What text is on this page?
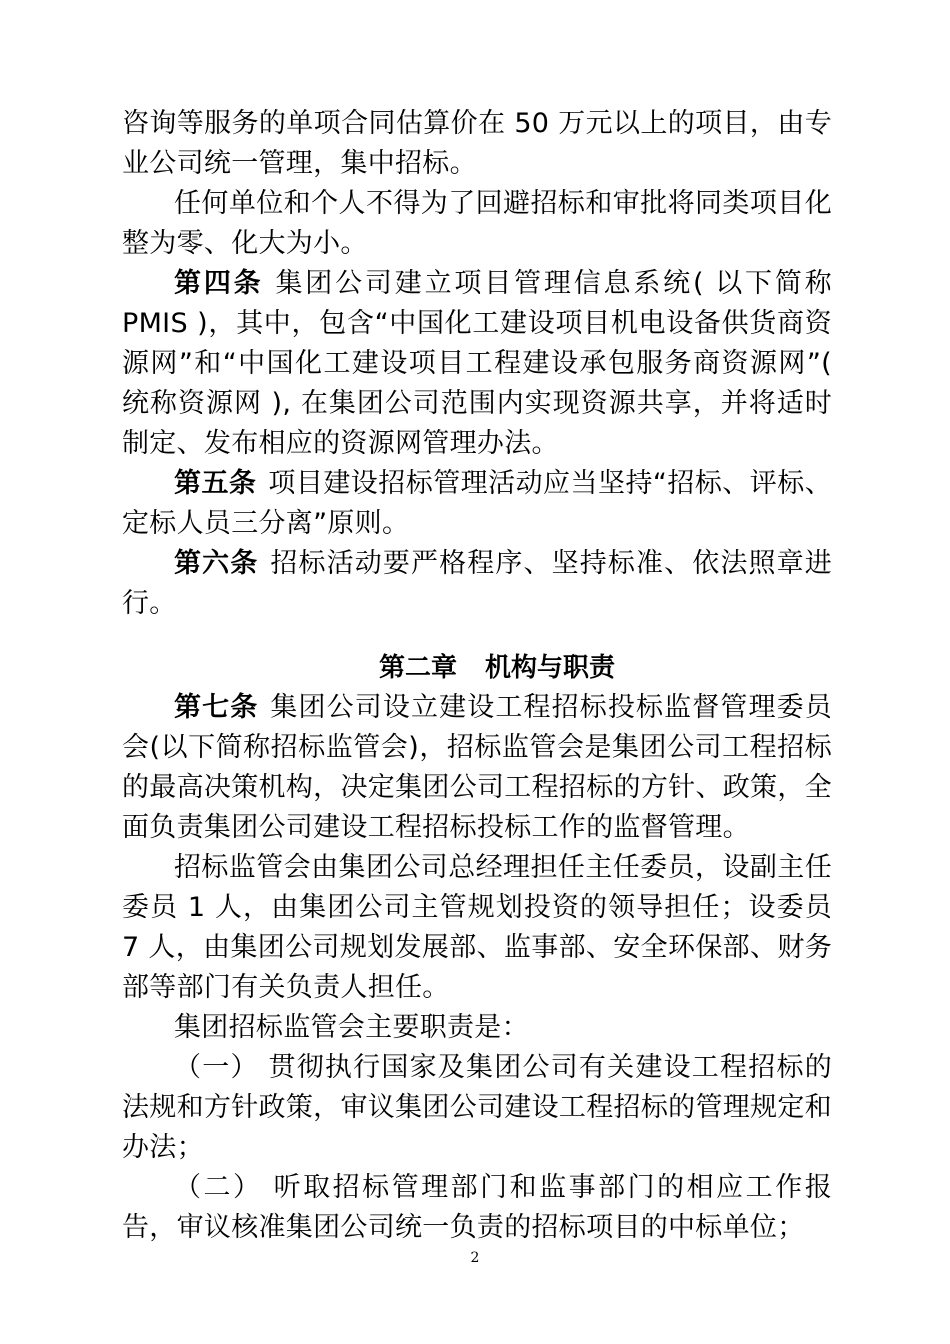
咨询等服务的单项合同估算价在 50 万元以上的项目，由专业公司统一管理，集中招标。

任何单位和个人不得为了回避招标和审批将同类项目化整为零、化大为小。

第四条 集团公司建立项目管理信息系统( 以下简称 PMIS )，其中，包含“中国化工建设项目机电设备供货商资源网”和“中国化工建设项目工程建设承包服务商资源网”( 统称资源网 ), 在集团公司范围内实现资源共享，并将适时制定、发布相应的资源网管理办法。

第五条 项目建设招标管理活动应当坚持“招标、评标、定标人员三分离”原则。

第六条 招标活动要严格程序、坚持标准、依法照章进行。

第二章 机构与职责

第七条 集团公司设立建设工程招标投标监督管理委员会(以下简称招标监管会)，招标监管会是集团公司工程招标的最高决策机构，决定集团公司工程招标的方针、政策，全面负责集团公司建设工程招标投标工作的监督管理。

招标监管会由集团公司总经理担任主任委员，设副主任委员 1 人，由集团公司主管规划投资的领导担任；设委员 7 人，由集团公司规划发展部、监事部、安全环保部、财务部等部门有关负责人担任。

集团招标监管会主要职责是：

（一） 贯彻执行国家及集团公司有关建设工程招标的法规和方针政策，审议集团公司建设工程招标的管理规定和办法；

（二） 听取招标管理部门和监事部门的相应工作报告，审议核准集团公司统一负责的招标项目的中标单位；

2
